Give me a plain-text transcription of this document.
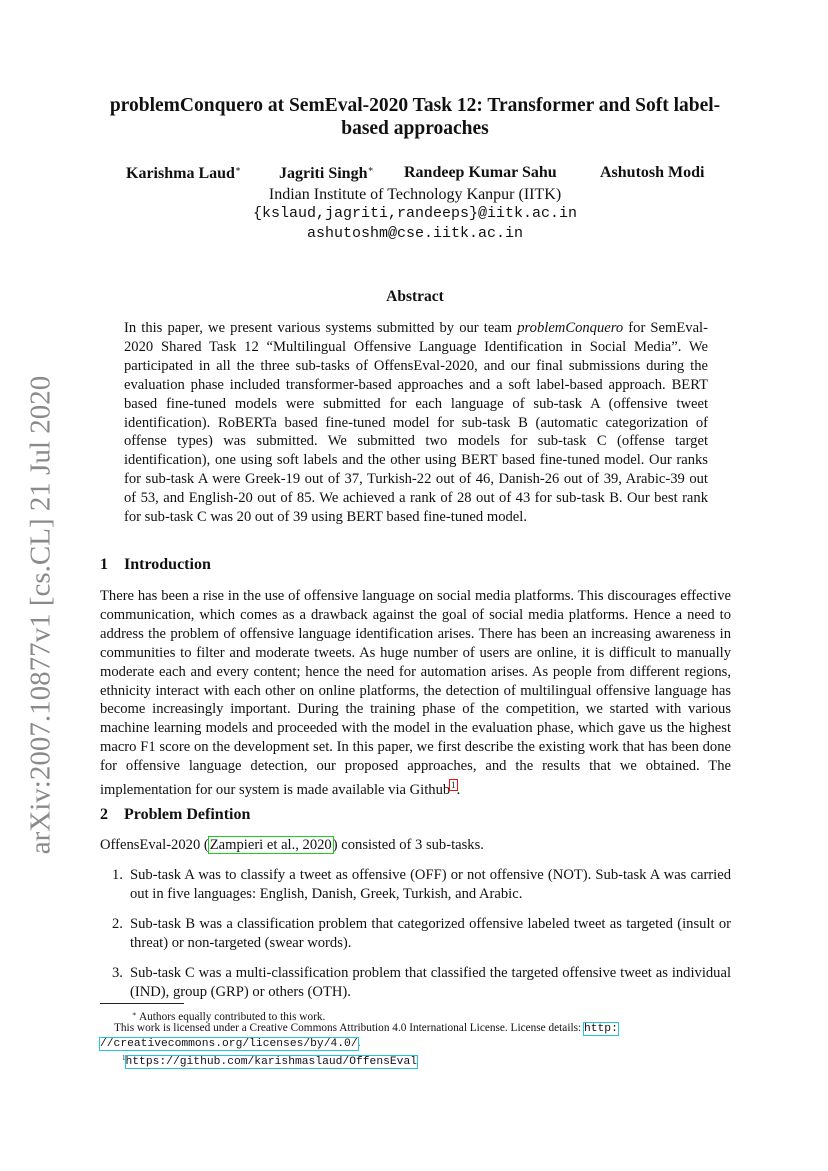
arXiv:2007.10877v1 [cs.CL] 21 Jul 2020
problemConquero at SemEval-2020 Task 12: Transformer and Soft label-based approaches
Karishma Laud∗ Jagriti Singh∗ Randeep Kumar Sahu	Ashutosh Modi
Indian Institute of Technology Kanpur (IITK)
{kslaud,jagriti,randeeps}@iitk.ac.in
ashutoshm@cse.iitk.ac.in
Abstract

In this paper, we present various systems submitted by our team problemConquero for SemEval-2020 Shared Task 12 “Multilingual Offensive Language Identification in Social Media”. We participated in all the three sub-tasks of OffensEval-2020, and our final submissions during the evaluation phase included transformer-based approaches and a soft label-based approach. BERT based fine-tuned models were submitted for each language of sub-task A (offensive tweet identification). RoBERTa based fine-tuned model for sub-task B (automatic categorization of offense types) was submitted. We submitted two models for sub-task C (offense target identification), one using soft labels and the other using BERT based fine-tuned model. Our ranks for sub-task A were Greek-19 out of 37, Turkish-22 out of 46, Danish-26 out of 39, Arabic-39 out of 53, and English-20 out of 85. We achieved a rank of 28 out of 43 for sub-task B. Our best rank for sub-task C was 20 out of 39 using BERT based fine-tuned model.

1 Introduction

There has been a rise in the use of offensive language on social media platforms. This discourages effective communication, which comes as a drawback against the goal of social media platforms. Hence a need to address the problem of offensive language identification arises. There has been an increasing awareness in communities to filter and moderate tweets. As huge number of users are online, it is difficult to manually moderate each and every content; hence the need for automation arises. As people from different regions, ethnicity interact with each other on online platforms, the detection of multilingual offensive language has become increasingly important. During the training phase of the competition, we started with various machine learning models and proceeded with the model in the evaluation phase, which gave us the highest macro F1 score on the development set. In this paper, we first describe the existing work that has been done for offensive language detection, our proposed approaches, and the results that we obtained. The implementation for our system is made available via Github$^1$.

2 Problem Defintion

OffensEval-2020 (Zampieri et al., 2020) consisted of 3 sub-tasks.

1. Sub-task A was to classify a tweet as offensive (OFF) or not offensive (NOT). Sub-task A was carried out in five languages: English, Danish, Greek, Turkish, and Arabic.
2. Sub-task B was a classification problem that categorized offensive labeled tweet as targeted (insult or threat) or non-targeted (swear words).
3. Sub-task C was a multi-classification problem that classified the targeted offensive tweet as individual (IND), group (GRP) or others (OTH).
∗ Authors equally contributed to this work.
This work is licensed under a Creative Commons Attribution 4.0 International License. License details: http:
//creativecommons.org/licenses/by/4.0/.
$^1$https://github.com/karishmaslaud/OffensEval
